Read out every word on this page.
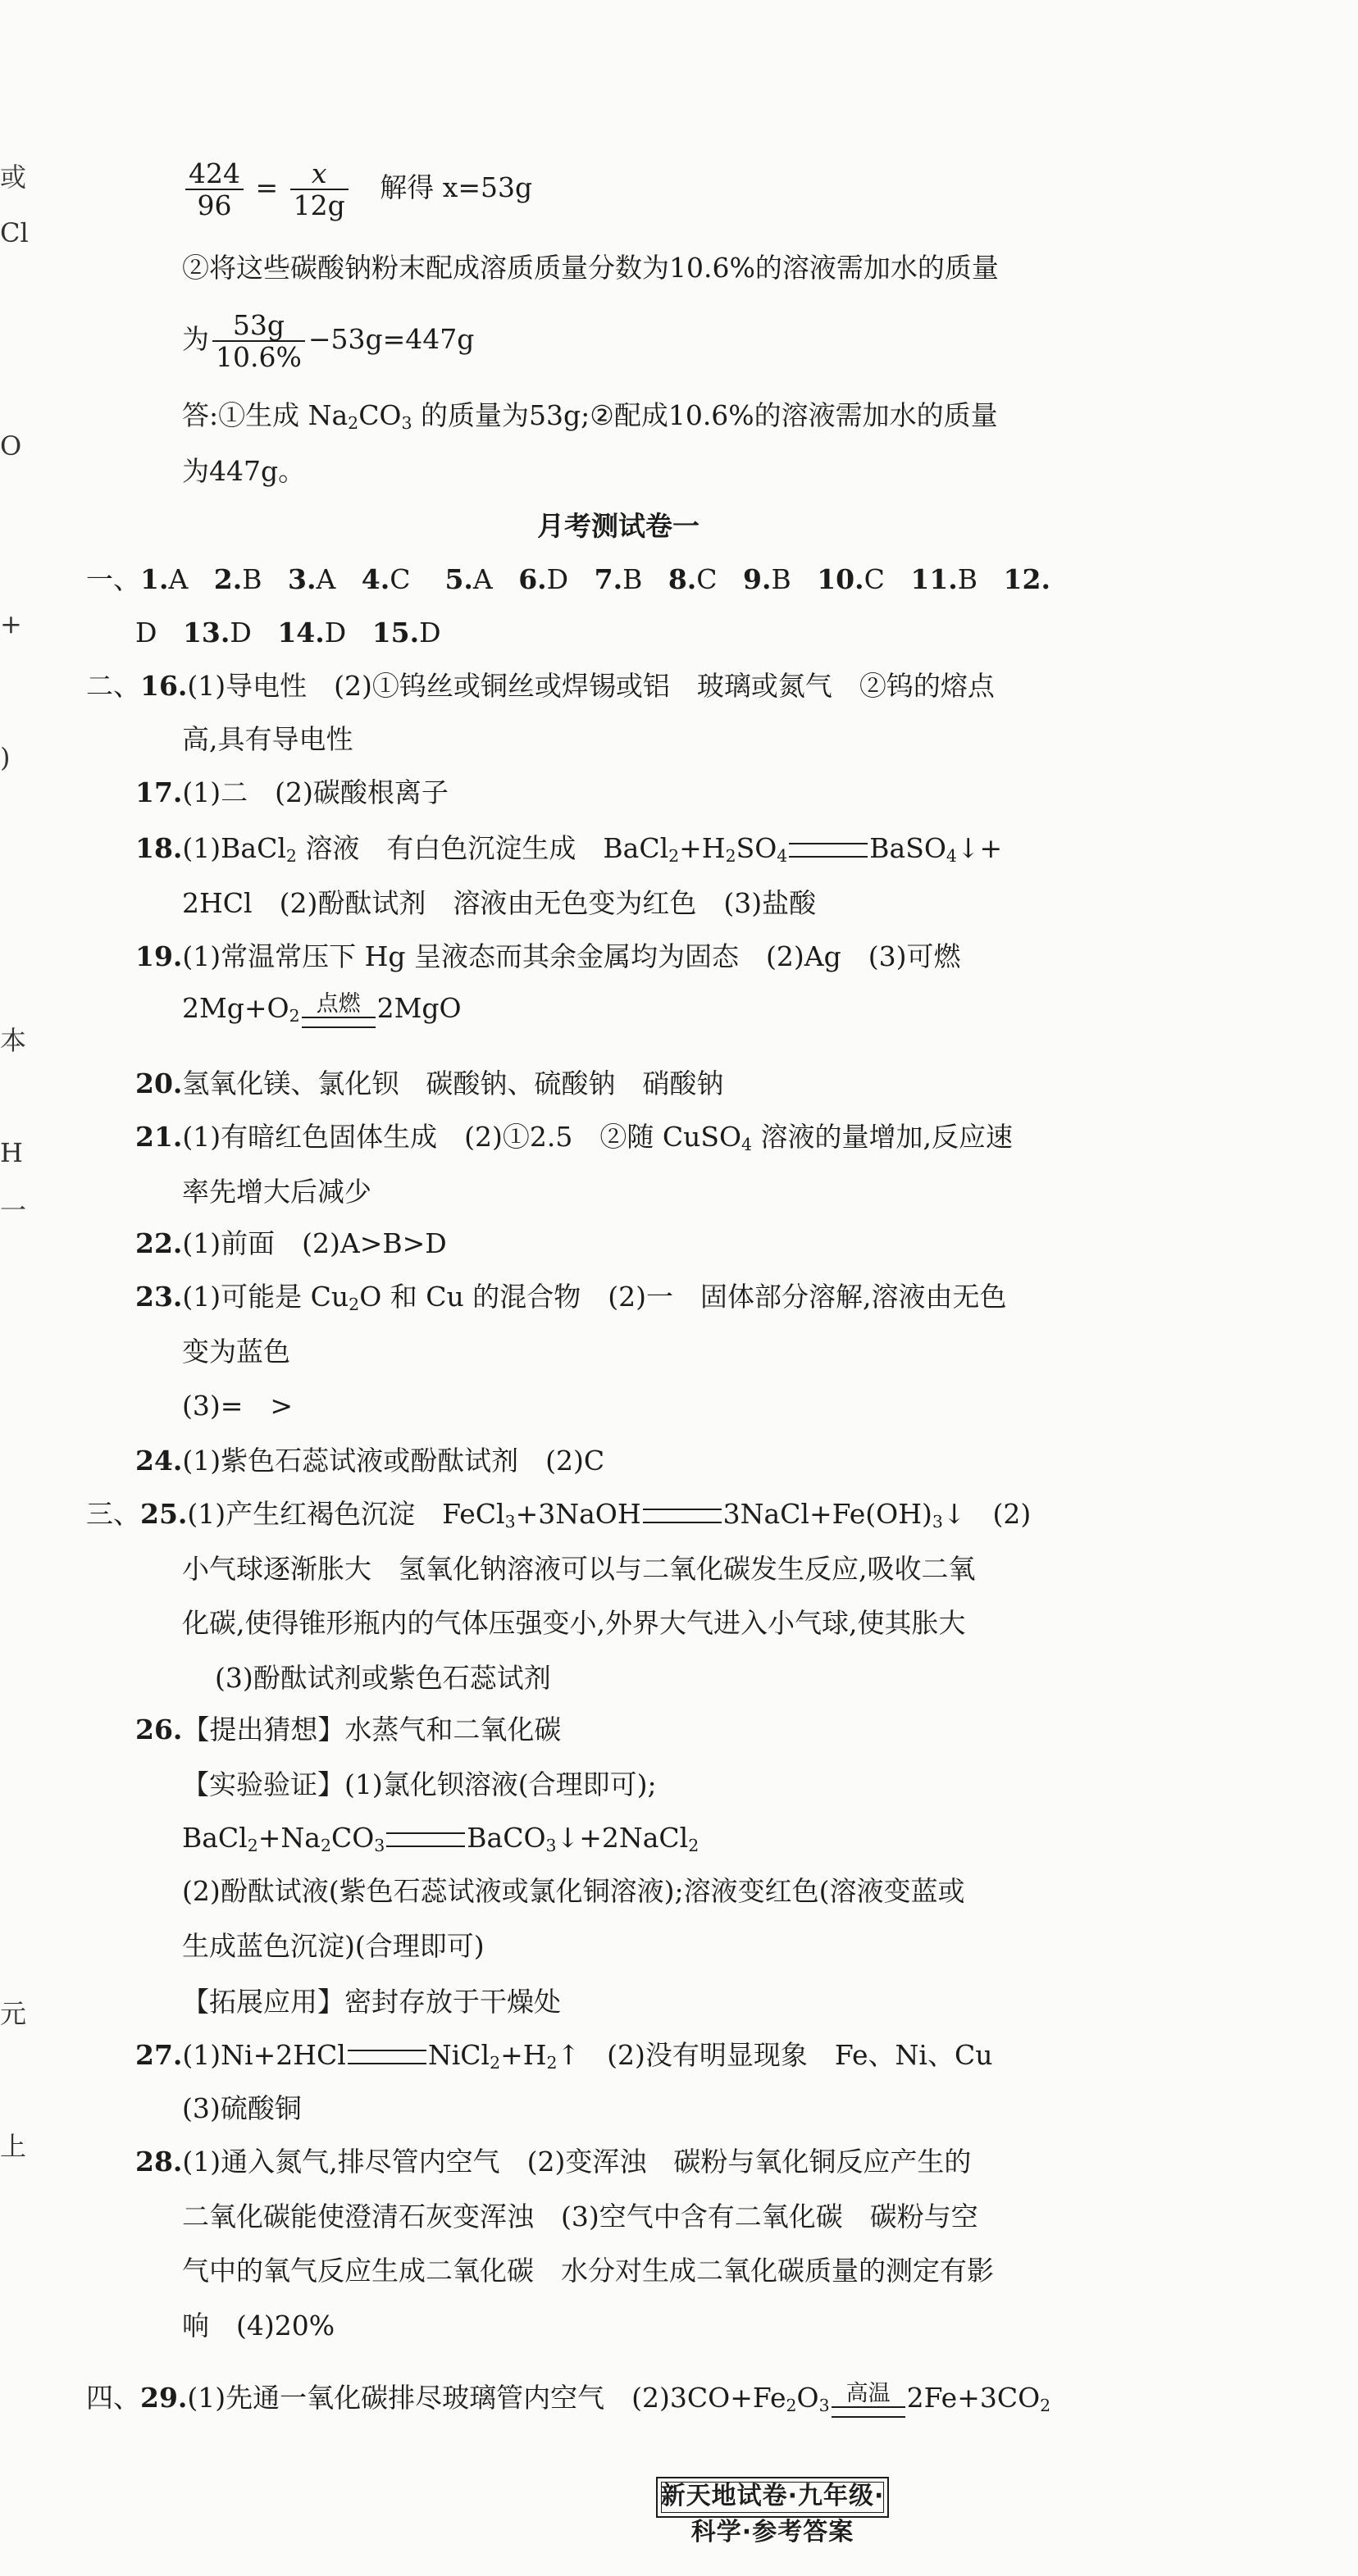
或
Cl
O
+
)
本
H
一
元
上
$\frac{424}{96} = \frac{x}{12g}$ 解得 x=53g
②将这些碳酸钠粉末配成溶质质量分数为10.6%的溶液需加水的质量
为 $\frac{53g}{10.6\%} -53g=447g$
答:①生成 $Na_2CO_3$ 的质量为53g;②配成10.6%的溶液需加水的质量
为447g。
月考测试卷一
一、1.A 2.B 3.A 4.C 5.A 6.D 7.B 8.C 9.B 10.C 11.B 12.
D 13.D 14.D 15.D
二、16.(1)导电性　(2)①钨丝或铜丝或焊锡或铝　玻璃或氮气　②钨的熔点
高,具有导电性
17.(1)二　(2)碳酸根离子
18.(1)BaCl$_2$ 溶液　有白色沉淀生成　$BaCl_2+H_2SO_4$	BaSO$_4$↓+
2HCl　(2)酚酞试剂　溶液由无色变为红色　(3)盐酸
19.(1)常温常压下 Hg 呈液态而其余金属均为固态　(2)Ag　(3)可燃
$2Mg+O_2$ 点燃 2MgO
20.氢氧化镁、氯化钡　碳酸钠、硫酸钠　硝酸钠
21.(1)有暗红色固体生成　(2)①2.5　②随 CuSO$_4$ 溶液的量增加,反应速
率先增大后减少
22.(1)前面　(2)A>B>D
23.(1)可能是 $Cu_2O$ 和 Cu 的混合物　(2)一　固体部分溶解,溶液由无色
变为蓝色
(3)=　>
24.(1)紫色石蕊试液或酚酞试剂　(2)C
三、25.(1)产生红褐色沉淀　FeCl$_3$+3NaOH	$3NaCl+Fe(OH)_3↓$　(2)
小气球逐渐胀大　氢氧化钠溶液可以与二氧化碳发生反应,吸收二氧
化碳,使得锥形瓶内的气体压强变小,外界大气进入小气球,使其胀大
(3)酚酞试剂或紫色石蕊试剂
26.【提出猜想】水蒸气和二氧化碳
【实验验证】(1)氯化钡溶液(合理即可);
$BaCl_2+Na_2CO_3$	BaCO$_3$↓+2NaCl$_2$
(2)酚酞试液(紫色石蕊试液或氯化铜溶液);溶液变红色(溶液变蓝或
生成蓝色沉淀)(合理即可)
【拓展应用】密封存放于干燥处
27.(1)Ni+2HCl	$NiCl_2+H_2↑$　(2)没有明显现象　Fe、Ni、Cu
(3)硫酸铜
28.(1)通入氮气,排尽管内空气　(2)变浑浊　碳粉与氧化铜反应产生的
二氧化碳能使澄清石灰变浑浊　(3)空气中含有二氧化碳　碳粉与空
气中的氧气反应生成二氧化碳　水分对生成二氧化碳质量的测定有影
响　(4)20%
四、29.(1)先通一氧化碳排尽玻璃管内空气　$(2)3CO+Fe_2O_3$ 高温 $2Fe+3CO_2$
新天地试卷·九年级·科学·参考答案
